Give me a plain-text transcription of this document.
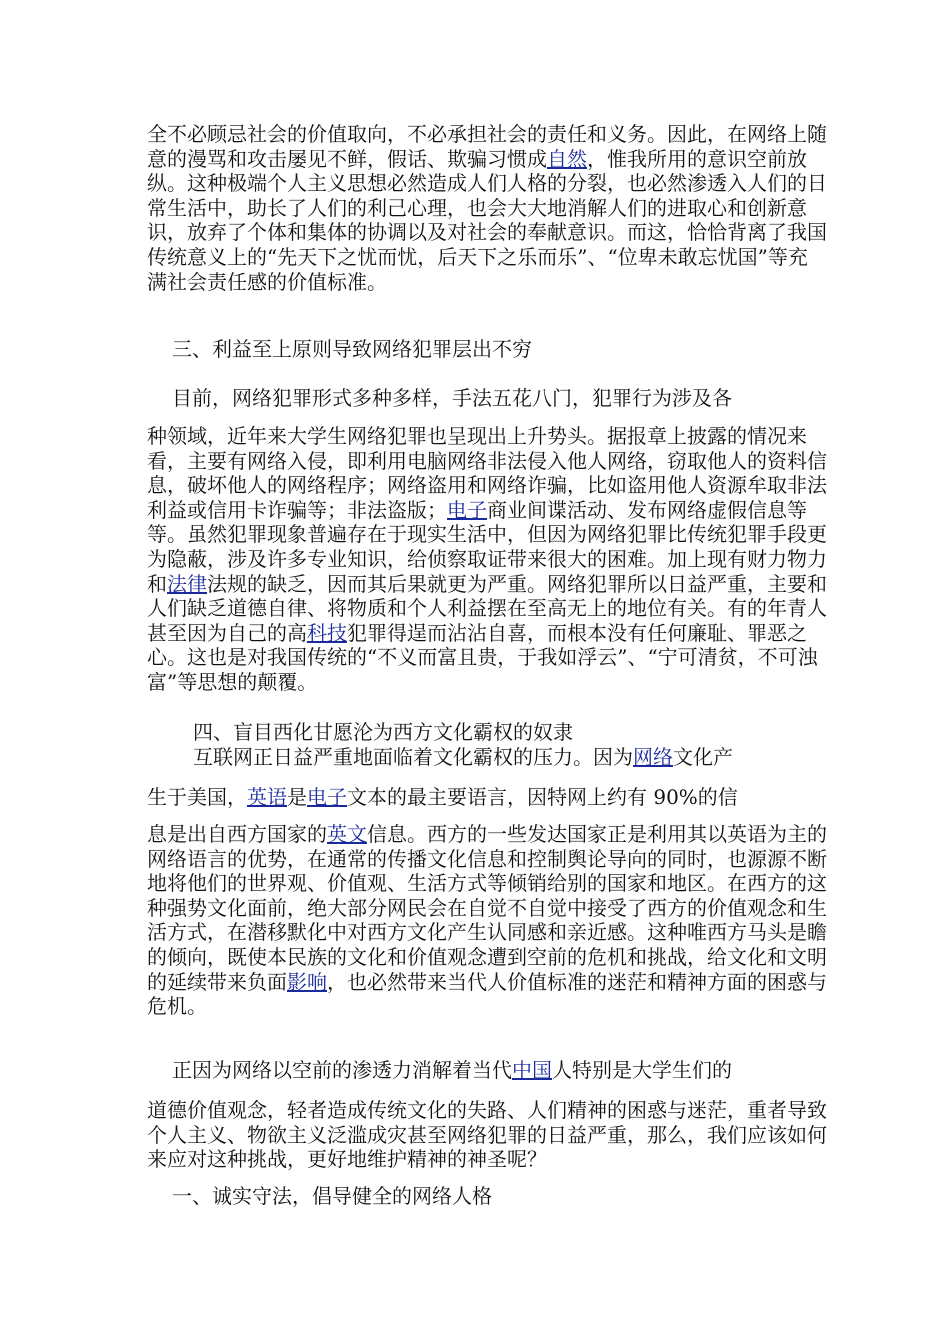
全不必顾忌社会的价值取向，不必承担社会的责任和义务。因此，在网络上随意的漫骂和攻击屡见不鲜，假话、欺骗习惯成自然，惟我所用的意识空前放纵。这种极端个人主义思想必然造成人们人格的分裂，也必然渗透入人们的日常生活中，助长了人们的利己心理，也会大大地消解人们的进取心和创新意识，放弃了个体和集体的协调以及对社会的奉献意识。而这，恰恰背离了我国传统意义上的“先天下之忧而忧，后天下之乐而乐”、“位卑未敢忘忧国”等充满社会责任感的价值标准。

三、利益至上原则导致网络犯罪层出不穷

目前，网络犯罪形式多种多样，手法五花八门，犯罪行为涉及各

种领域，近年来大学生网络犯罪也呈现出上升势头。据报章上披露的情况来看，主要有网络入侵，即利用电脑网络非法侵入他人网络，窃取他人的资料信息，破坏他人的网络程序；网络盗用和网络诈骗，比如盗用他人资源牟取非法利益或信用卡诈骗等；非法盗版；电子商业间谍活动、发布网络虚假信息等等。虽然犯罪现象普遍存在于现实生活中，但因为网络犯罪比传统犯罪手段更为隐蔽，涉及许多专业知识，给侦察取证带来很大的困难。加上现有财力物力和法律法规的缺乏，因而其后果就更为严重。网络犯罪所以日益严重，主要和人们缺乏道德自律、将物质和个人利益摆在至高无上的地位有关。有的年青人甚至因为自己的高科技犯罪得逞而沾沾自喜，而根本没有任何廉耻、罪恶之心。这也是对我国传统的“不义而富且贵，于我如浮云”、“宁可清贫，不可浊富”等思想的颠覆。

四、盲目西化甘愿沦为西方文化霸权的奴隶

互联网正日益严重地面临着文化霸权的压力。因为网络文化产

生于美国，英语是电子文本的最主要语言，因特网上约有 90%的信

息是出自西方国家的英文信息。西方的一些发达国家正是利用其以英语为主的网络语言的优势，在通常的传播文化信息和控制舆论导向的同时，也源源不断地将他们的世界观、价值观、生活方式等倾销给别的国家和地区。在西方的这种强势文化面前，绝大部分网民会在自觉不自觉中接受了西方的价值观念和生活方式，在潜移默化中对西方文化产生认同感和亲近感。这种唯西方马头是瞻的倾向，既使本民族的文化和价值观念遭到空前的危机和挑战，给文化和文明的延续带来负面影响，也必然带来当代人价值标准的迷茫和精神方面的困惑与危机。

正因为网络以空前的渗透力消解着当代中国人特别是大学生们的

道德价值观念，轻者造成传统文化的失路、人们精神的困惑与迷茫，重者导致个人主义、物欲主义泛滥成灾甚至网络犯罪的日益严重，那么，我们应该如何来应对这种挑战，更好地维护精神的神圣呢？

一、诚实守法，倡导健全的网络人格
